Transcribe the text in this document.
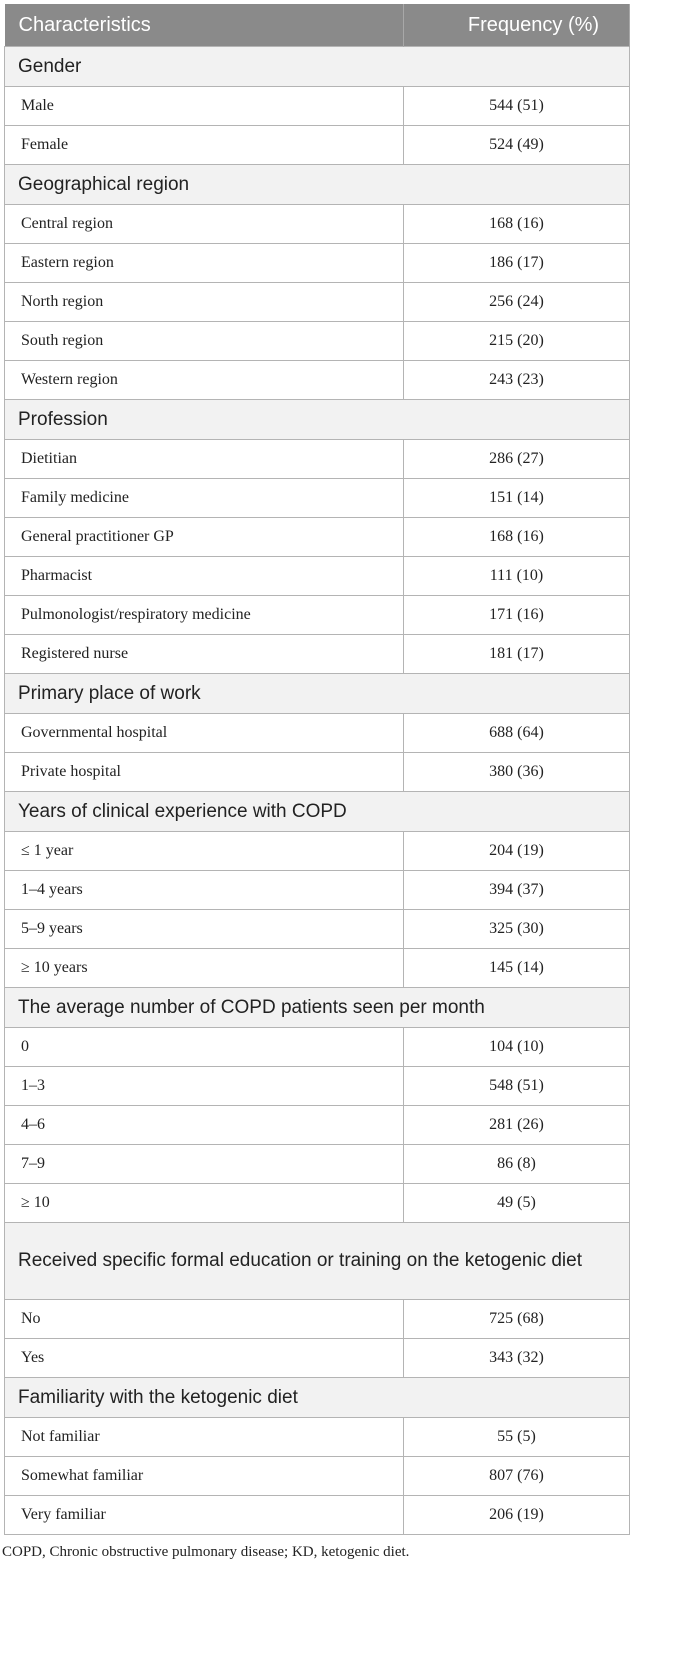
Characteristics	Frequency (%)
Gender	
Male	544 (51)
Female	524 (49)
Geographical region	
Central region	168 (16)
Eastern region	186 (17)
North region	256 (24)
South region	215 (20)
Western region	243 (23)
Profession	
Dietitian	286 (27)
Family medicine	151 (14)
General practitioner GP	168 (16)
Pharmacist	111 (10)
Pulmonologist/respiratory medicine	171 (16)
Registered nurse	181 (17)
Primary place of work	
Governmental hospital	688 (64)
Private hospital	380 (36)
Years of clinical experience with COPD	
≤ 1 year	204 (19)
1–4 years	394 (37)
5–9 years	325 (30)
≥ 10 years	145 (14)
The average number of COPD patients seen per month	
0	104 (10)
1–3	548 (51)
4–6	281 (26)
7–9	86 (8)
≥ 10	49 (5)
Received specific formal education or training on the ketogenic diet	
No	725 (68)
Yes	343 (32)
Familiarity with the ketogenic diet	
Not familiar	55 (5)
Somewhat familiar	807 (76)
Very familiar	206 (19)
COPD, Chronic obstructive pulmonary disease; KD, ketogenic diet.
